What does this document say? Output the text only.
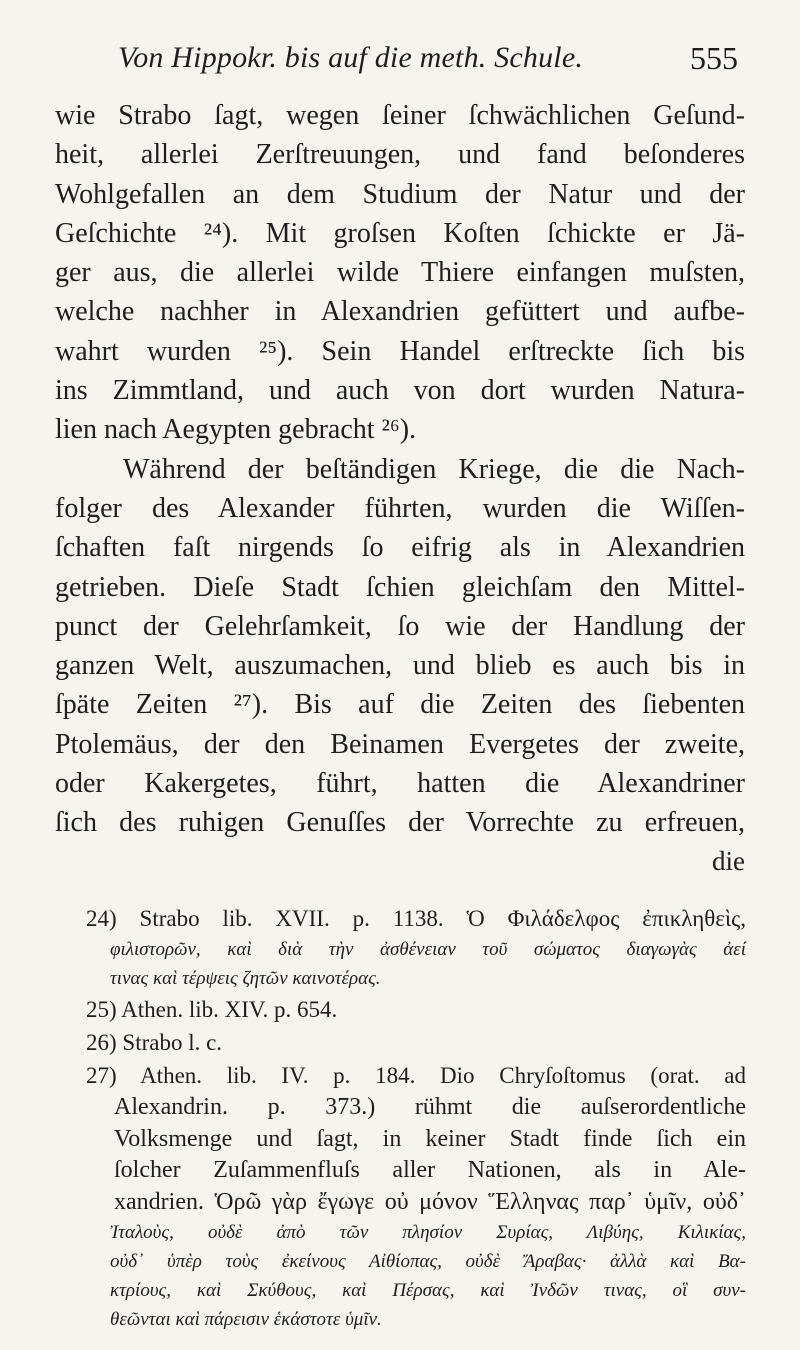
Von Hippokr. bis auf die meth. Schule.	555
wie Strabo ſagt, wegen ſeiner ſchwächlichen Geſund-
heit, allerlei Zerſtreuungen, und fand beſonderes
Wohlgefallen an dem Studium der Natur und der
Geſchichte ²⁴). Mit groſsen Koſten ſchickte er Jä-
ger aus, die allerlei wilde Thiere einfangen muſsten,
welche nachher in Alexandrien gefüttert und aufbe-
wahrt wurden ²⁵). Sein Handel erſtreckte ſich bis
ins Zimmtland, und auch von dort wurden Natura-
lien nach Aegypten gebracht ²⁶).
Während der beſtändigen Kriege, die die Nach-
folger des Alexander führten, wurden die Wiſſen-
ſchaften faſt nirgends ſo eifrig als in Alexandrien
getrieben. Dieſe Stadt ſchien gleichſam den Mittel-
punct der Gelehrſamkeit, ſo wie der Handlung der
ganzen Welt, auszumachen, und blieb es auch bis in
ſpäte Zeiten ²⁷). Bis auf die Zeiten des ſiebenten
Ptolemäus, der den Beinamen Evergetes der zweite,
oder Kakergetes, führt, hatten die Alexandriner
ſich des ruhigen Genuſſes der Vorrechte zu erfreuen,
die
24) Strabo lib. XVII. p. 1138. Ὁ Φιλάδελφος ἐπικληθεὶς,
φιλιστορῶν, καὶ διὰ τὴν ἀσθένειαν τοῦ σώματος διαγωγὰς ἀεί
τινας καὶ τέρψεις ζητῶν καινοτέρας.
25) Athen. lib. XIV. p. 654.
26) Strabo l. c.
27) Athen. lib. IV. p. 184. Dio Chryſoſtomus (orat. ad
Alexandrin. p. 373.) rühmt die auſserordentliche
Volksmenge und ſagt, in keiner Stadt finde ſich ein
ſolcher Zuſammenfluſs aller Nationen, als in Ale-
xandrien. Ὁρῶ γὰρ ἔγωγε οὐ μόνον Ἕλληνας παρ᾽ ὑμῖν, οὐδ᾽
Ἰταλοὺς, οὐδὲ ἀπὸ τῶν πλησίον Συρίας, Λιβύης, Κιλικίας,
οὐδ᾽ ὑπὲρ τοὺς ἐκείνους Αἰθίοπας, οὐδὲ Ἄραβας· ἀλλὰ καὶ Βα-
κτρίους, καὶ Σκύθους, καὶ Πέρσας, καὶ Ἰνδῶν τινας, οἳ συν-
θεῶνται καὶ πάρεισιν ἑκάστοτε ὑμῖν.
